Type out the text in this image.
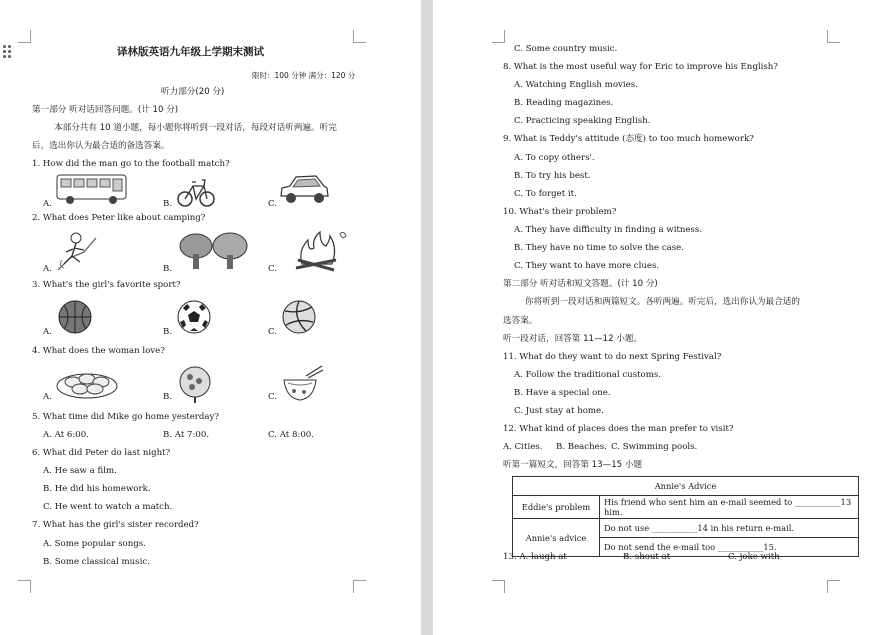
译林版英语九年级上学期末测试
限时：100 分钟 满分：120 分
听力部分(20 分)
第一部分 听对话回答问题。(计 10 分)
本部分共有 10 道小题，每小题你将听到一段对话，每段对话听两遍。听完
后，选出你认为最合适的备选答案。
1. How did the man go to the football match?
A.	B.	C.
2. What does Peter like about camping?
A.	B.	C.
3. What's the girl's favorite sport?
A.	B.	C.
4. What does the woman love?
A.	B.	C.
5. What time did Mike go home yesterday?
A. At 6:00.	B. At 7:00.	C. At 8:00.
6. What did Peter do last night?
A. He saw a film.
B. He did his homework.
C. He went to watch a match.
7. What has the girl's sister recorded?
A. Some popular songs.
B. Some classical music.
C. Some country music.
8. What is the most useful way for Eric to improve his English?
A. Watching English movies.
B. Reading magazines.
C. Practicing speaking English.
9. What is Teddy's attitude (态度) to too much homework?
A. To copy others'.
B. To try his best.
C. To forget it.
10. What's their problem?
A. They have difficulty in finding a witness.
B. They have no time to solve the case.
C. They want to have more clues.
第二部分 听对话和短文答题。(计 10 分)
你将听到一段对话和两篇短文。各听两遍。听完后，选出你认为最合适的
选答案。
听一段对话，回答第 11—12 小题。
11. What do they want to do next Spring Festival?
A. Follow the traditional customs.
B. Have a special one.
C. Just stay at home.
12. What kind of places does the man prefer to visit?
A. Cities. B. Beaches. C. Swimming pools.
听第一篇短文，回答第 13—15 小题
Annie's Advice	
Eddie's problem	His friend who sent him an e-mail seemed to ___________13 him.
Annie's advice	Do not use ___________14 in his return e-mail.
	Do not send the e-mail too ___________15.
13. A. laugh at	B. shout at	C. joke with
